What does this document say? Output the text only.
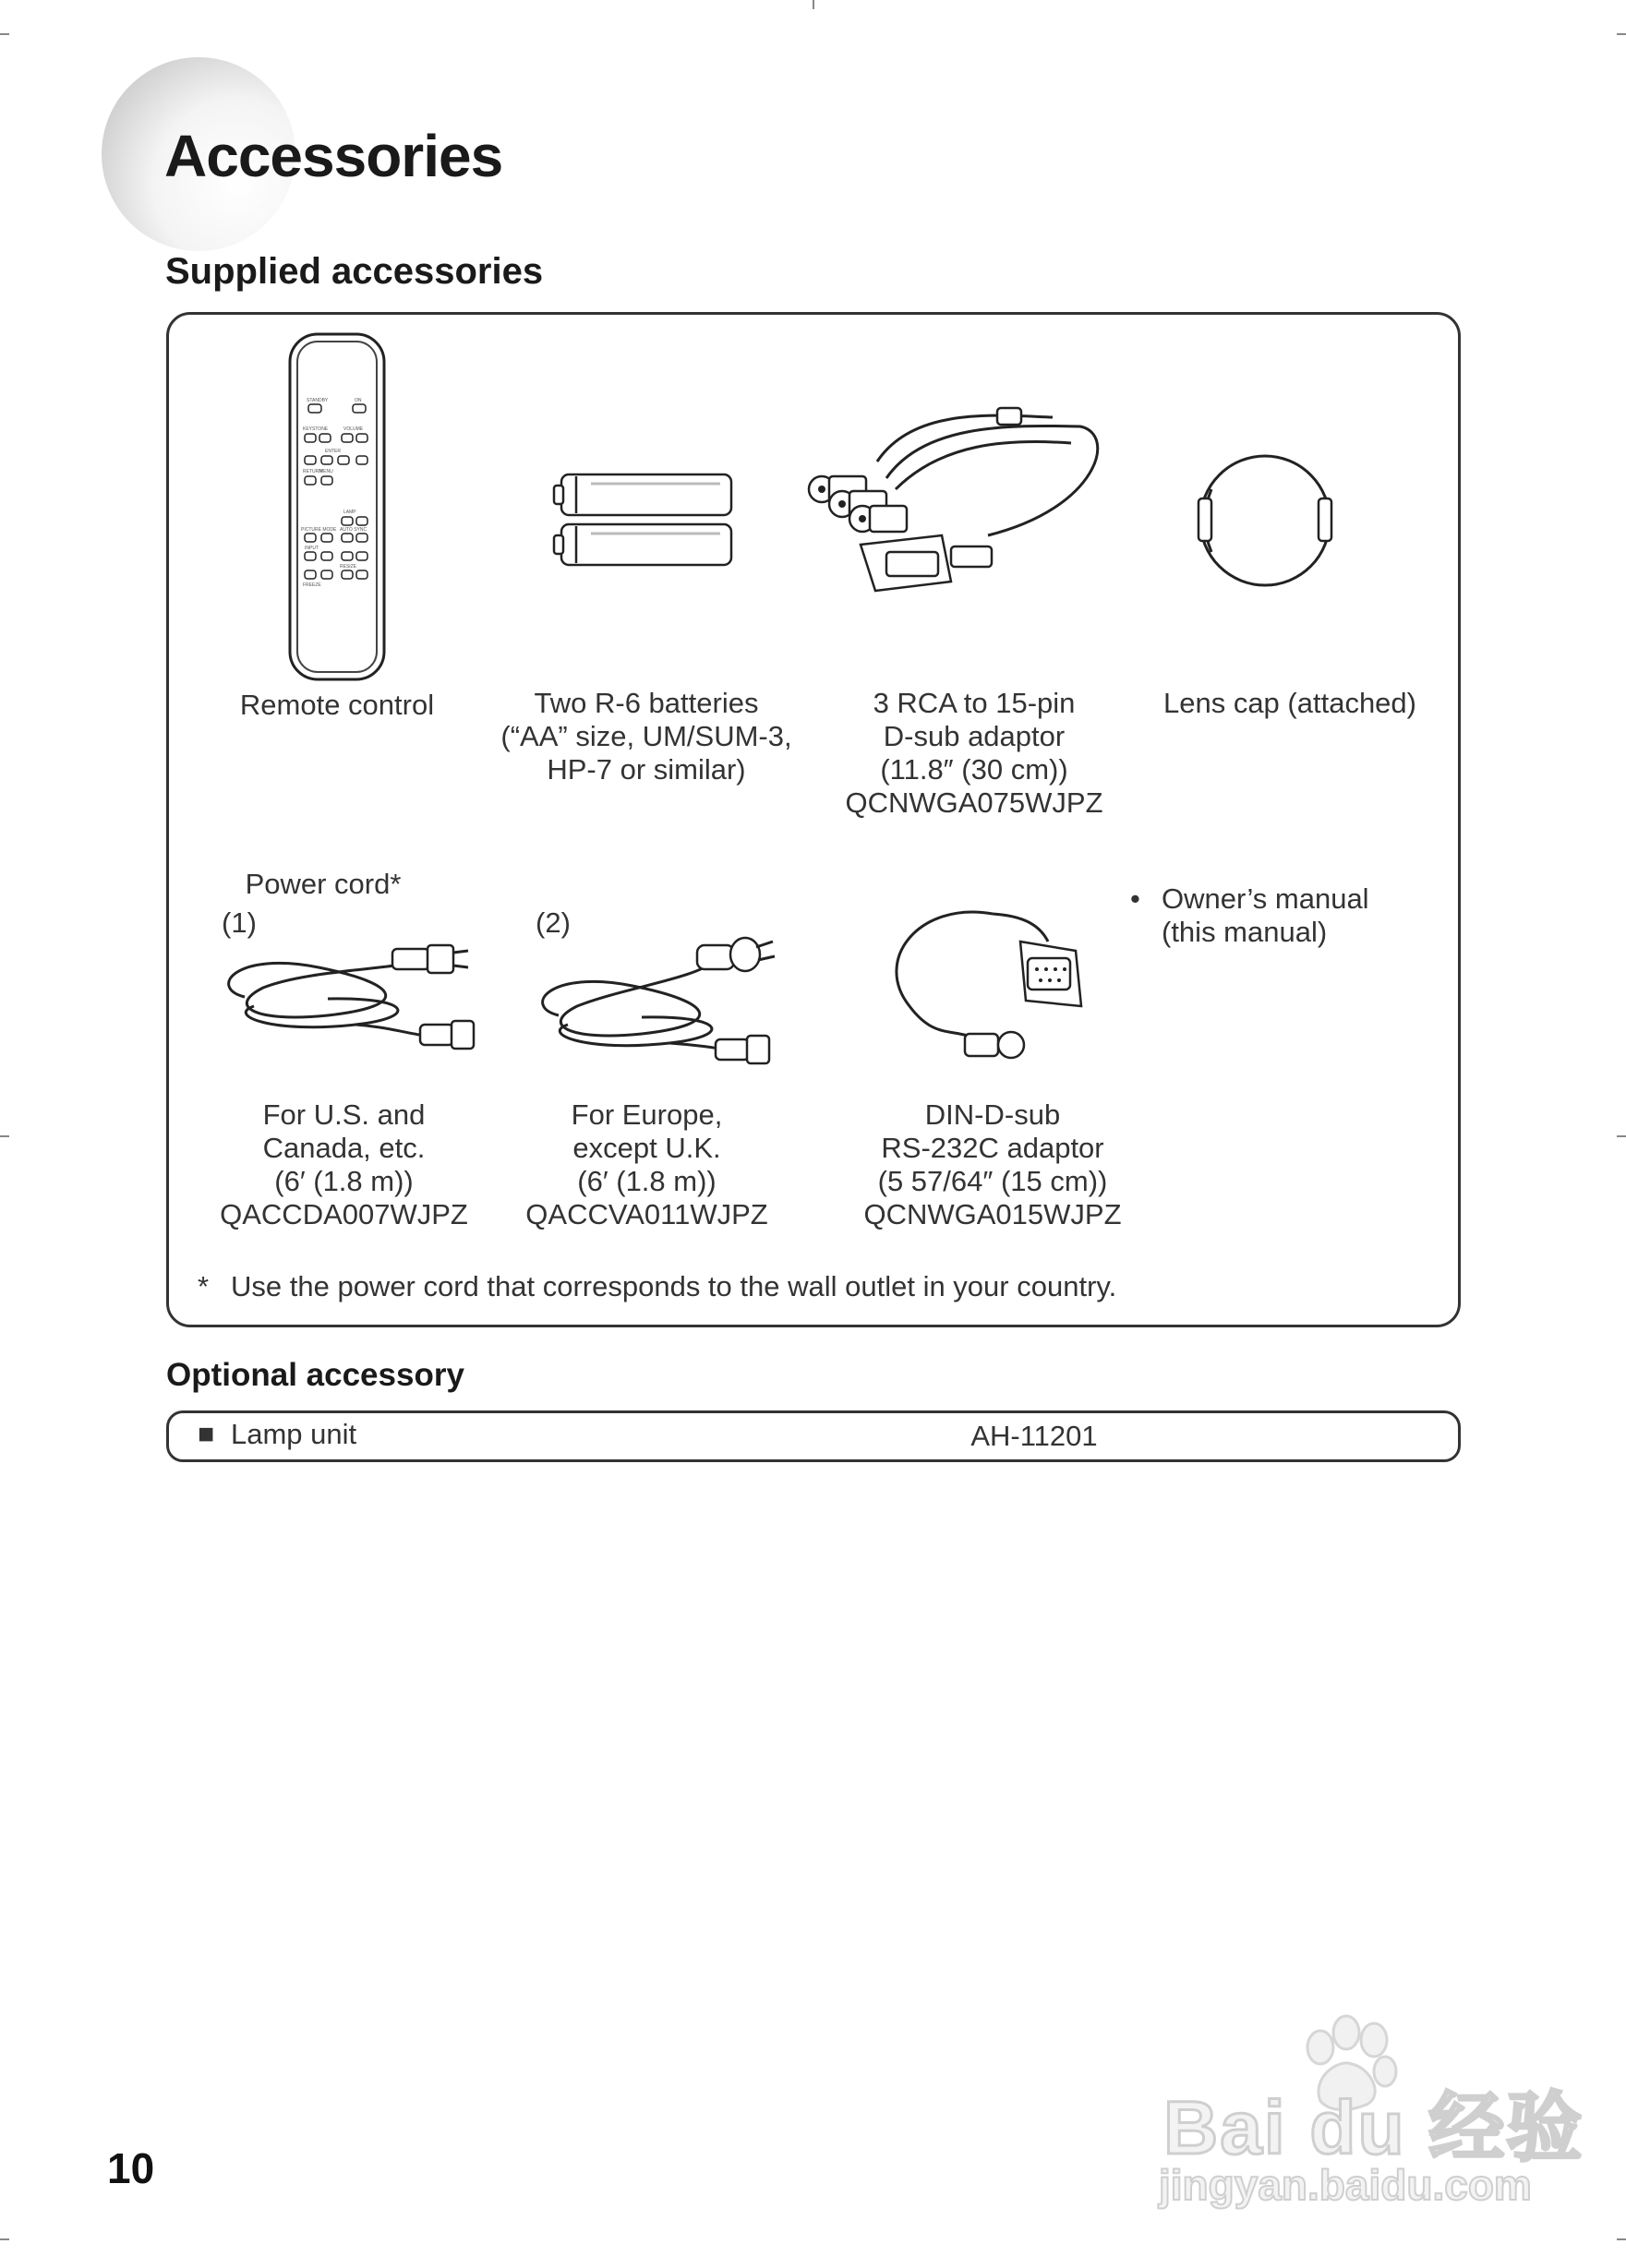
Accessories
Supplied accessories
STANDBY	ON
KEYSTONE	VOLUME
ENTER
RETURN
MENU
LAMP
PICTURE MODE AUTO SYNC
INPUT
RESIZE
FREEZE
Remote control	Two R-6 batteries
(“AA” size, UM/SUM-3,
HP-7 or similar)
3 RCA to 15-pin
D-sub adaptor
(11.8″ (30 cm))
QCNWGA075WJPZ
Lens cap (attached)
Power cord*
(1)	(2)
• Owner’s manual
(this manual)
For U.S. and
Canada, etc.
(6′ (1.8 m))
QACCDA007WJPZ
For Europe,
except U.K.
(6′ (1.8 m))
QACCVA011WJPZ
DIN-D-sub
RS-232C adaptor
(5 57/64″ (15 cm))
QCNWGA015WJPZ
* Use the power cord that corresponds to the wall outlet in your country.
Optional accessory
■ Lamp unit	AH-11201
10	Bai du 经验
jingyan.baidu.com
